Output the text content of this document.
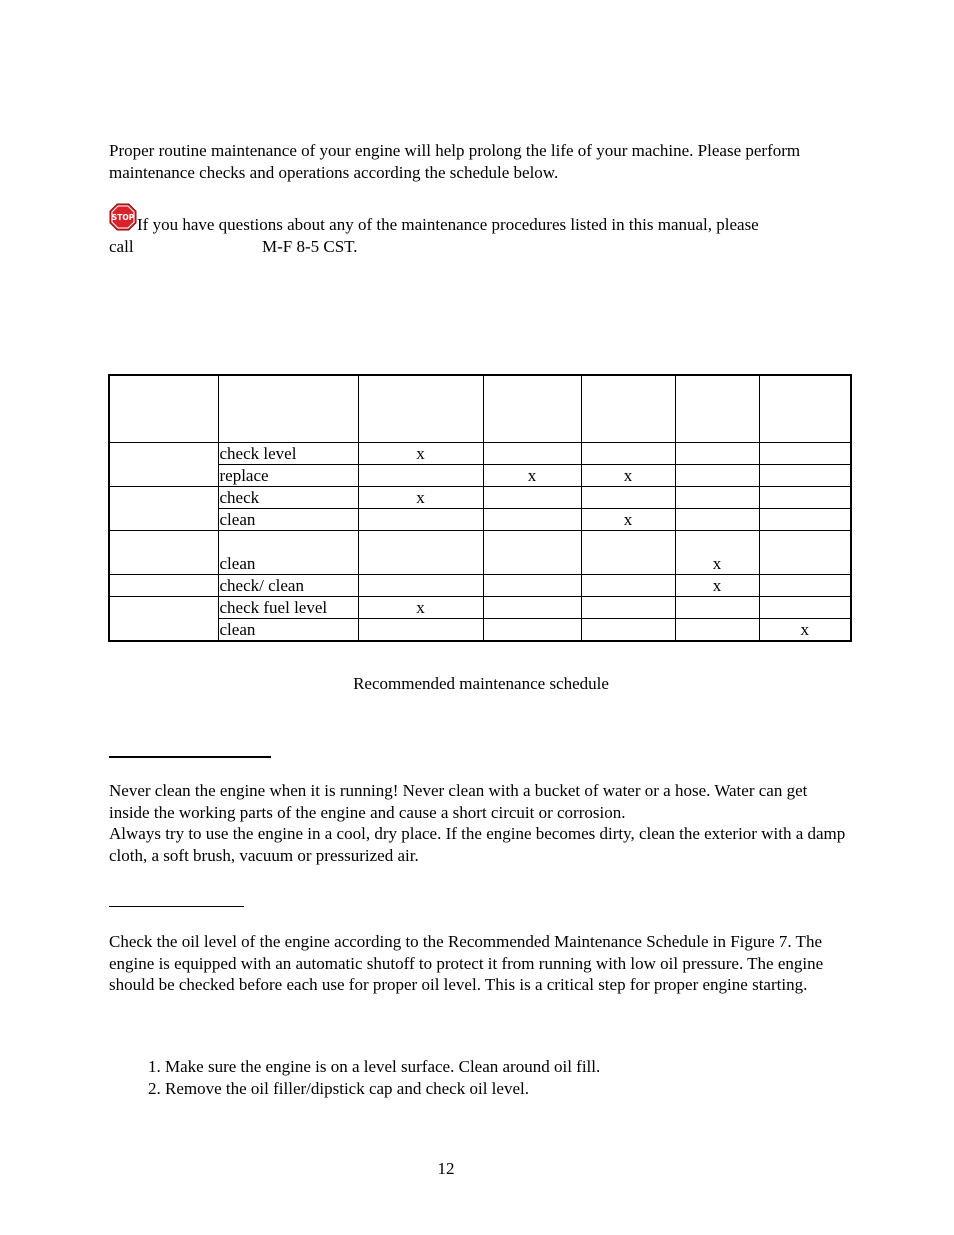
Proper routine maintenance of your engine will help prolong the life of your machine. Please perform maintenance checks and operations according the schedule below.

STOP If you have questions about any of the maintenance procedures listed in this manual, please

call	M-F 8-5 CST.

	check level	x				
	replace		x	x		
	check	x				
	clean			x		
	clean				x	
	check/ clean				x	
	check fuel level	x				
	clean					x

Recommended maintenance schedule

Never clean the engine when it is running! Never clean with a bucket of water or a hose. Water can get inside the working parts of the engine and cause a short circuit or corrosion.

Always try to use the engine in a cool, dry place. If the engine becomes dirty, clean the exterior with a damp cloth, a soft brush, vacuum or pressurized air.

Check the oil level of the engine according to the Recommended Maintenance Schedule in Figure 7. The engine is equipped with an automatic shutoff to protect it from running with low oil pressure. The engine should be checked before each use for proper oil level. This is a critical step for proper engine starting.

1. Make sure the engine is on a level surface. Clean around oil fill.
2. Remove the oil filler/dipstick cap and check oil level.

12
